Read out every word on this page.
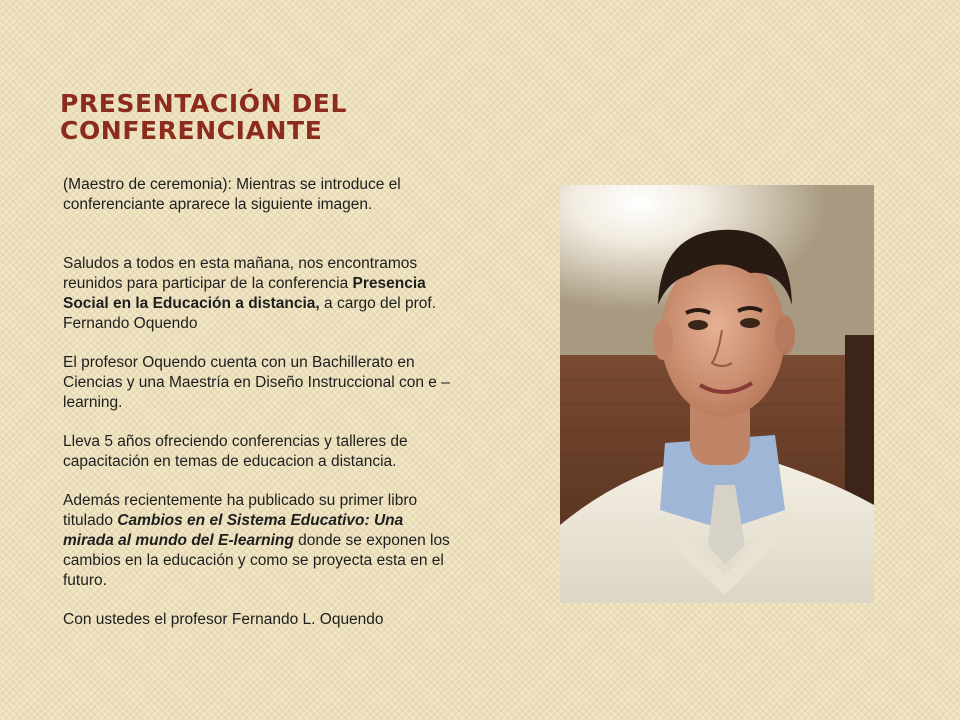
PRESENTACIÓN DEL
CONFERENCIANTE

(Maestro de ceremonia): Mientras se introduce el conferenciante aprarece la siguiente imagen.

Saludos a todos en esta mañana, nos encontramos reunidos para participar de la conferencia Presencia Social en la Educación a distancia, a cargo del prof. Fernando Oquendo

El profesor Oquendo cuenta con un Bachillerato en Ciencias y una Maestría en Diseño Instruccional con e – learning.

Lleva 5 años ofreciendo conferencias y talleres de capacitación en temas de educacion a distancia.

Además recientemente ha publicado su primer libro titulado Cambios en el Sistema Educativo: Una mirada al mundo del E-learning donde se exponen los cambios en la educación y como se proyecta esta en el futuro.

Con ustedes el profesor Fernando L. Oquendo
